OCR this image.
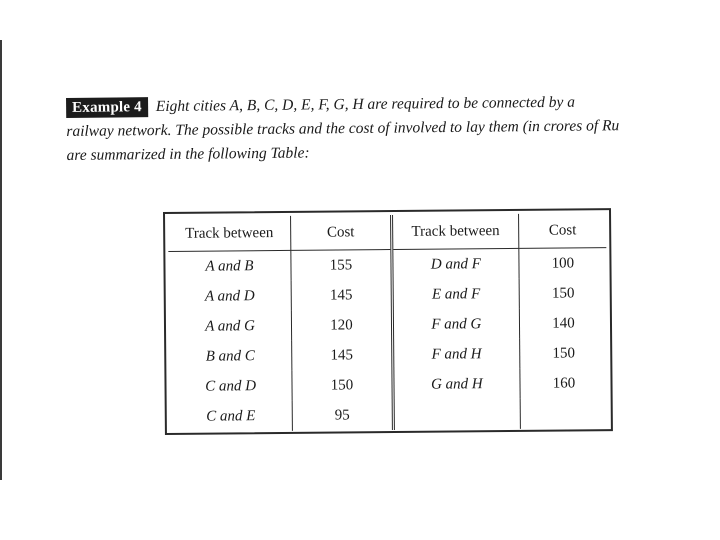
Example 4 Eight cities A, B, C, D, E, F, G, H are required to be connected by a
railway network. The possible tracks and the cost of involved to lay them (in crores of Ru
are summarized in the following Table:
Track between	Cost	Track between	Cost
A and B	155	D and F	100
A and D	145	E and F	150
A and G	120	F and G	140
B and C	145	F and H	150
C and D	150	G and H	160
C and E	95		
